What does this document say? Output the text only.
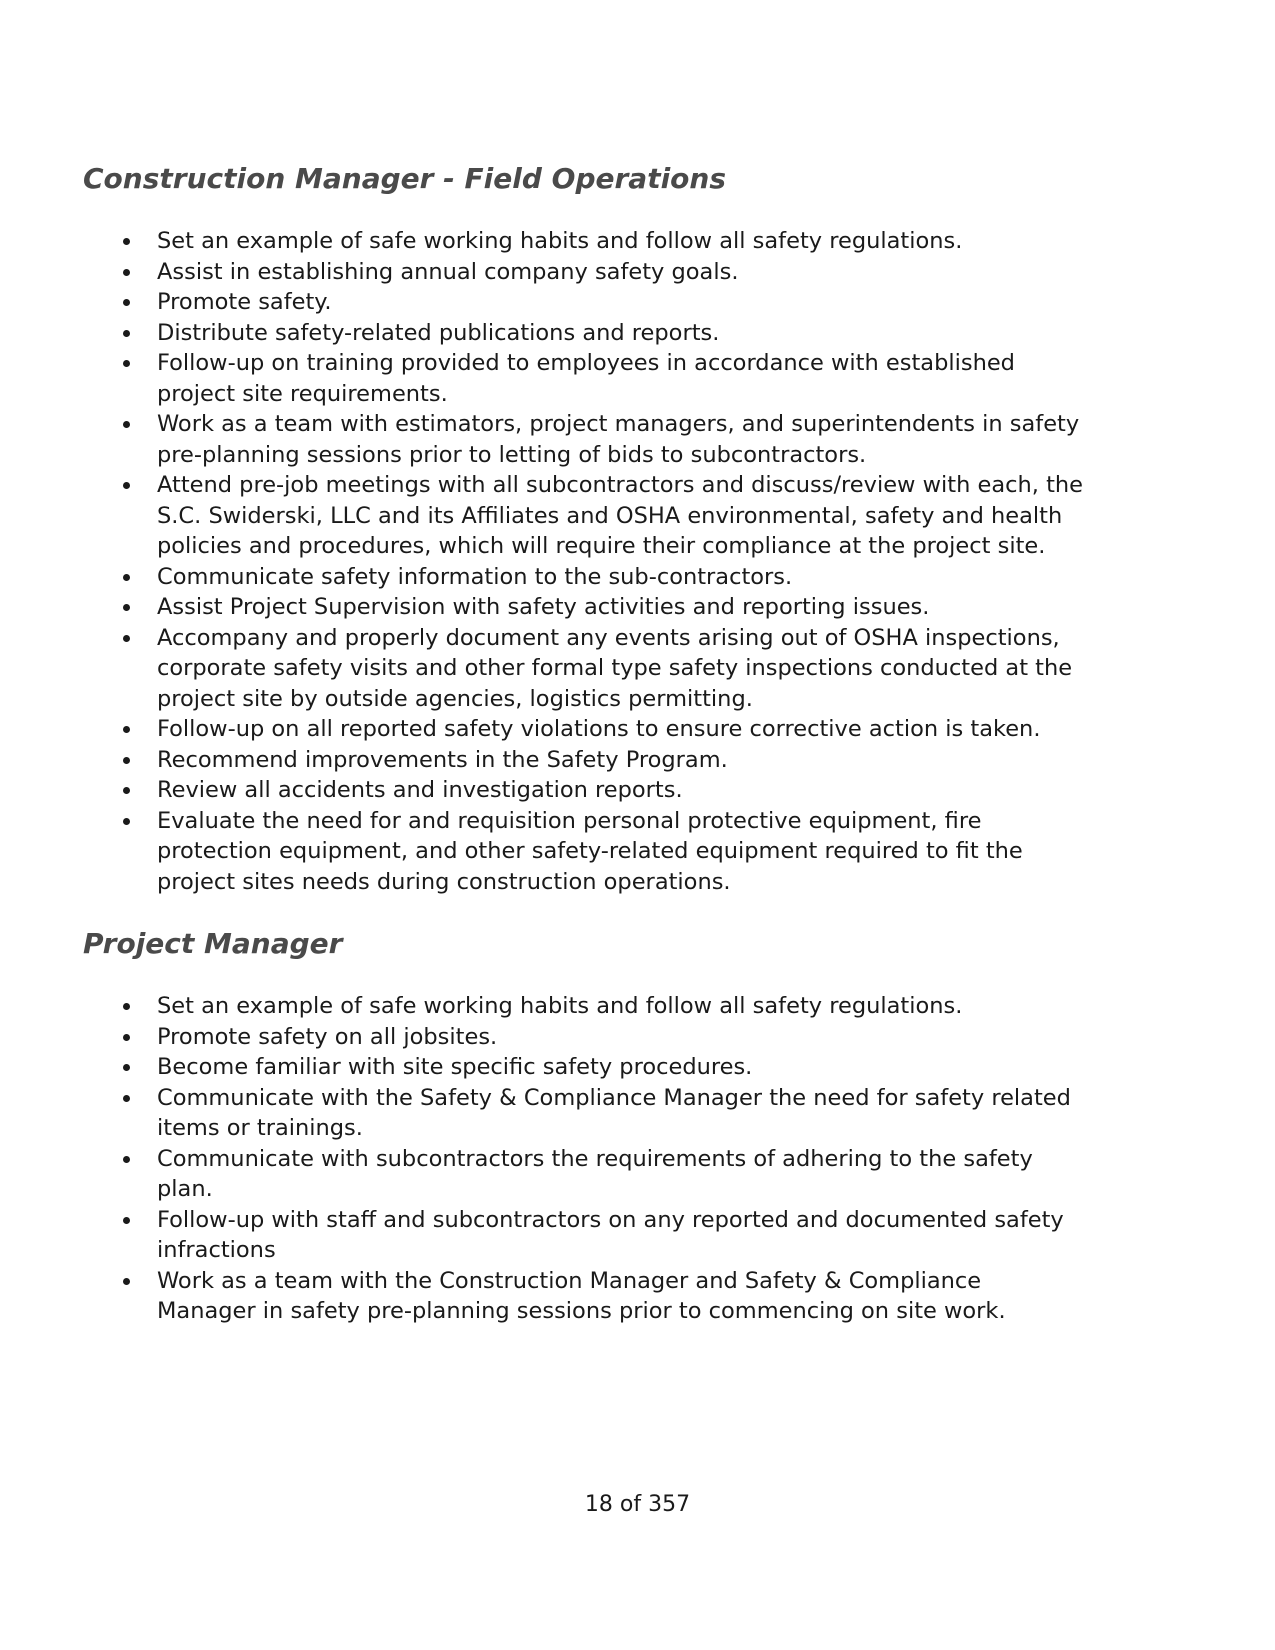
Construction Manager - Field Operations
Set an example of safe working habits and follow all safety regulations.
Assist in establishing annual company safety goals.
Promote safety.
Distribute safety-related publications and reports.
Follow-up on training provided to employees in accordance with established
project site requirements.
Work as a team with estimators, project managers, and superintendents in safety
pre-planning sessions prior to letting of bids to subcontractors.
Attend pre-job meetings with all subcontractors and discuss/review with each, the
S.C. Swiderski, LLC and its Affiliates and OSHA environmental, safety and health
policies and procedures, which will require their compliance at the project site.
Communicate safety information to the sub-contractors.
Assist Project Supervision with safety activities and reporting issues.
Accompany and properly document any events arising out of OSHA inspections,
corporate safety visits and other formal type safety inspections conducted at the
project site by outside agencies, logistics permitting.
Follow-up on all reported safety violations to ensure corrective action is taken.
Recommend improvements in the Safety Program.
Review all accidents and investigation reports.
Evaluate the need for and requisition personal protective equipment, fire
protection equipment, and other safety-related equipment required to fit the
project sites needs during construction operations.
Project Manager
Set an example of safe working habits and follow all safety regulations.
Promote safety on all jobsites.
Become familiar with site specific safety procedures.
Communicate with the Safety & Compliance Manager the need for safety related
items or trainings.
Communicate with subcontractors the requirements of adhering to the safety
plan.
Follow-up with staff and subcontractors on any reported and documented safety
infractions
Work as a team with the Construction Manager and Safety & Compliance
Manager in safety pre-planning sessions prior to commencing on site work.
18 of 357
